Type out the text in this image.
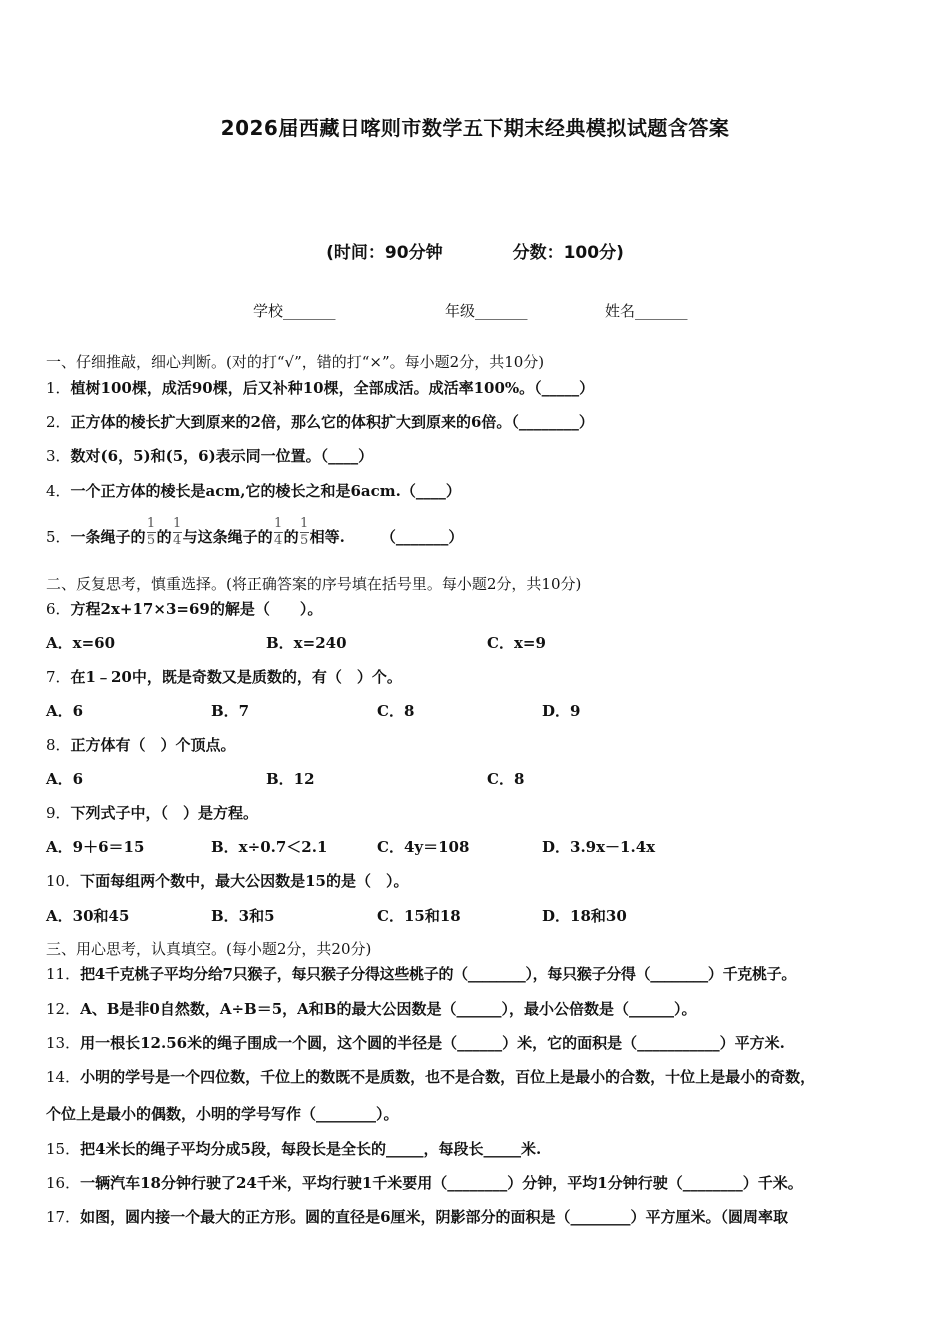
2026届西藏日喀则市数学五下期末经典模拟试题含答案
(时间：90分钟	分数：100分)
学校_______	年级_______	姓名_______
一、仔细推敲，细心判断。(对的打“√”，错的打“×”。每小题2分，共10分)
1．植树100棵，成活90棵，后又补种10棵，全部成活。成活率100%。（_____）
2．正方体的棱长扩大到原来的2倍，那么它的体积扩大到原来的6倍。（________）
3．数对(6，5)和(5，6)表示同一位置。（____）
4．一个正方体的棱长是acm,它的棱长之和是6acm.（____）
5．一条绳子的$\frac{1}{5}$的$\frac{1}{4}$与这条绳子的$\frac{1}{4}$的$\frac{1}{5}$相等. （_______）
二、反复思考，慎重选择。(将正确答案的序号填在括号里。每小题2分，共10分)
6．方程2x+17×3=69的解是（　　）。
A．x=60	B．x=240	C．x=9
7．在1﹣20中，既是奇数又是质数的，有（　）个。
A．6	B．7	C．8	D．9
8．正方体有（　）个顶点。
A．6	B．12	C．8
9．下列式子中，（　）是方程。
A．9＋6＝15	B．x÷0.7＜2.1	C．4y＝108	D．3.9x－1.4x
10．下面每组两个数中，最大公因数是15的是（　）。
A．30和45	B．3和5	C．15和18	D．18和30
三、用心思考，认真填空。(每小题2分，共20分)
11．把4千克桃子平均分给7只猴子，每只猴子分得这些桃子的（________），每只猴子分得（________）千克桃子。
12．A、B是非0自然数，A÷B＝5，A和B的最大公因数是（______），最小公倍数是（______）。
13．用一根长12.56米的绳子围成一个圆，这个圆的半径是（______）米，它的面积是（___________）平方米.
14．小明的学号是一个四位数，千位上的数既不是质数，也不是合数，百位上是最小的合数，十位上是最小的奇数，
个位上是最小的偶数，小明的学号写作（________）。
15．把4米长的绳子平均分成5段，每段长是全长的_____，每段长_____米.
16．一辆汽车18分钟行驶了24千米，平均行驶1千米要用（________）分钟，平均1分钟行驶（________）千米。
17．如图，圆内接一个最大的正方形。圆的直径是6厘米，阴影部分的面积是（________）平方厘米。（圆周率取
